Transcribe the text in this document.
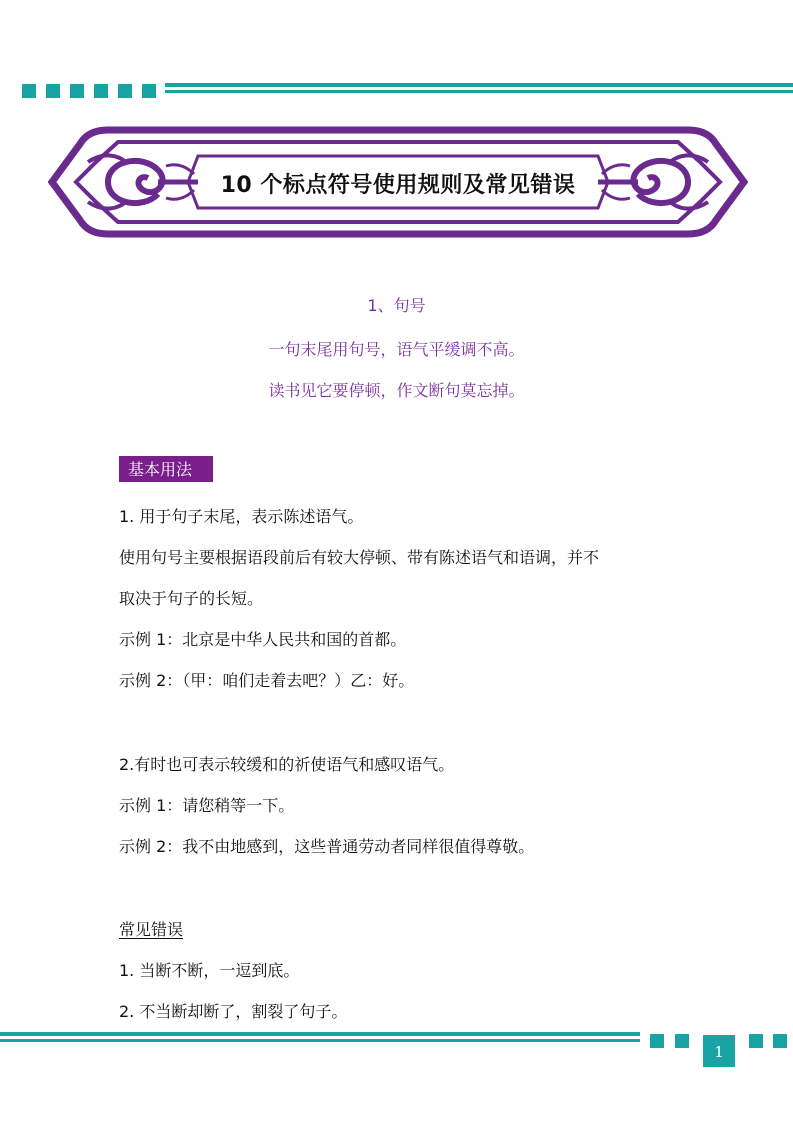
10 个标点符号使用规则及常见错误
1、句号
一句末尾用句号，语气平缓调不高。
读书见它要停顿，作文断句莫忘掉。
基本用法
1. 用于句子末尾，表示陈述语气。
使用句号主要根据语段前后有较大停顿、带有陈述语气和语调，并不
取决于句子的长短。
示例 1：北京是中华人民共和国的首都。
示例 2：（甲：咱们走着去吧？）乙：好。
2.有时也可表示较缓和的祈使语气和感叹语气。
示例 1：请您稍等一下。
示例 2：我不由地感到，这些普通劳动者同样很值得尊敬。
常见错误
1. 当断不断，一逗到底。
2. 不当断却断了，割裂了句子。
1
